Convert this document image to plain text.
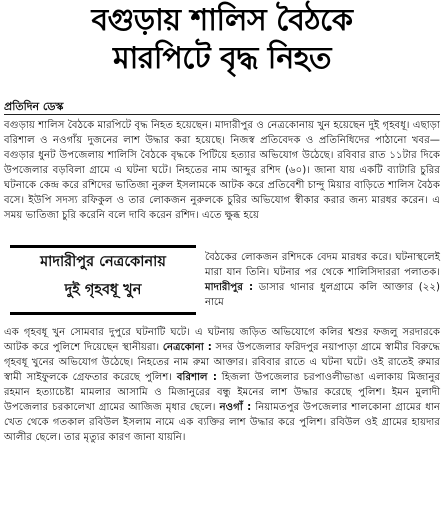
বগুড়ায় শালিস বৈঠকে
মারপিটে বৃদ্ধ নিহত
প্রতিদিন ডেস্ক

বগুড়ায় শালিস বৈঠকে মারপিটে বৃদ্ধ নিহত হয়েছেন। মাদারীপুর ও নেত্রকোনায় খুন হয়েছেন দুই গৃহবধূ। এছাড়া বরিশাল ও নওগাঁয় দুজনের লাশ উদ্ধার করা হয়েছে। নিজস্ব প্রতিবেদক ও প্রতিনিধিদের পাঠানো খবর— বগুড়ার ধুনট উপজেলায় শালিসি বৈঠকে বৃদ্ধকে পিটিয়ে হত্যার অভিযোগ উঠেছে। রবিবার রাত ১১টার দিকে উপজেলার বড়বিলা গ্রামে এ ঘটনা ঘটে। নিহতের নাম আব্দুর রশিদ (৬০)। জানা যায় একটি ব্যাটারি চুরির ঘটনাকে কেন্দ্র করে রশিদের ভাতিজা নুরুল ইসলামকে আটক করে প্রতিবেশী চান্দু মিয়ার বাড়িতে শালিস বৈঠক বসে। ইউপি সদস্য রফিকুল ও তার লোকজন নুরুলকে চুরির অভিযোগ স্বীকার করার জন্য মারধর করেন। এ সময় ভাতিজা চুরি করেনি বলে দাবি করেন রশিদ। এতে ক্ষুব্ধ হয়ে

মাদারীপুর নেত্রকোনায়
দুই গৃহবধূ খুন

বৈঠকের লোকজন রশিদকে বেদম মারধর করে। ঘটনাস্থলেই মারা যান তিনি। ঘটনার পর থেকে শালিসিদাররা পলাতক। মাদারীপুর : ডাসার থানার ধুলগ্রামে কলি আক্তার (২২) নামে

এক গৃহবধূ খুন সোমবার দুপুরে ঘটনাটি ঘটে। এ ঘটনায় জড়িত অভিযোগে কলির শ্বশুর ফজলু সরদারকে আটক করে পুলিশে দিয়েছেন স্থানীয়রা। নেত্রকোনা : সদর উপজেলার ফরিদপুর নয়াপাড়া গ্রামে স্বামীর বিরুদ্ধে গৃহবধূ খুনের অভিযোগ উঠেছে। নিহতের নাম রুমা আক্তার। রবিবার রাতে এ ঘটনা ঘটে। ওই রাতেই রুমার স্বামী সাইফুলকে গ্রেফতার করেছে পুলিশ। বরিশাল : হিজলা উপজেলার চরপাওলীভাঙা এলাকায় মিজানুর রহমান হত্যাচেষ্টা মামলার আসামি ও মিজানুরের বন্ধু ইমনের লাশ উদ্ধার করেছে পুলিশ। ইমন মুলাদী উপজেলার চরকালেখা গ্রামের আজিজ মৃধার ছেলে। নওগাঁ : নিয়ামতপুর উপজেলার শালকোনা গ্রামের ধান খেত থেকে গতকাল রবিউল ইসলাম নামে এক ব্যক্তির লাশ উদ্ধার করে পুলিশ। রবিউল ওই গ্রামের হায়দার আলীর ছেলে। তার মৃত্যুর কারণ জানা যায়নি।
